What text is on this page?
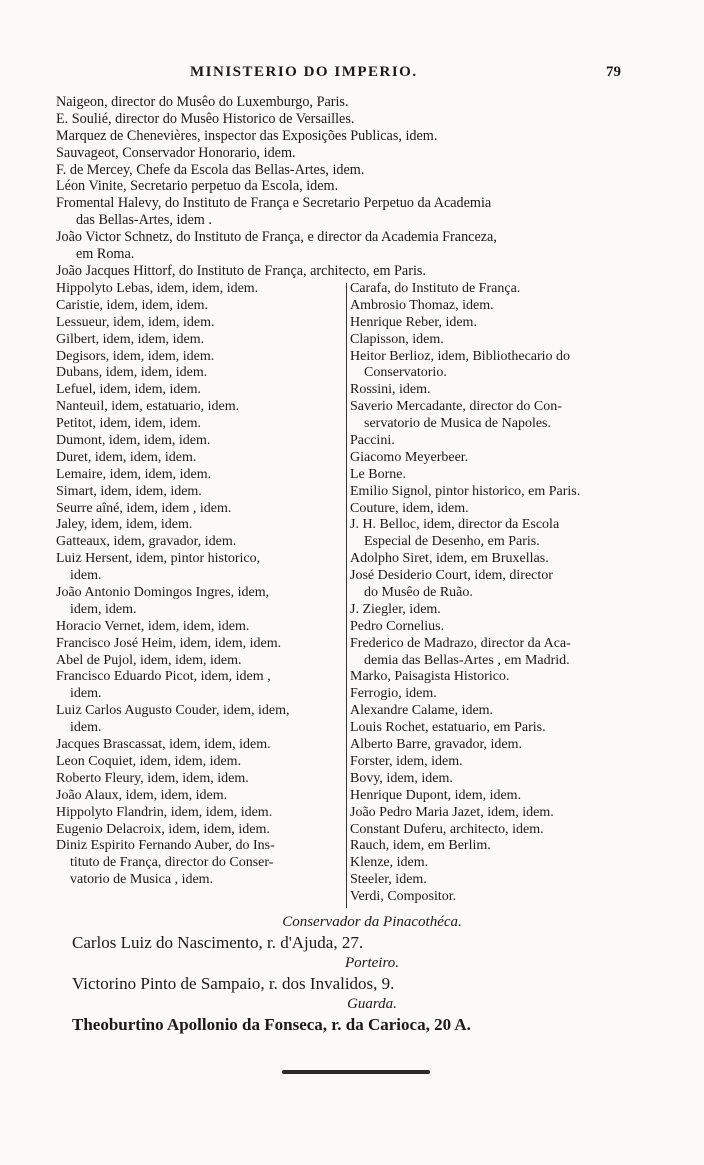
MINISTERIO DO IMPERIO.	79
Naigeon, director do Musêo do Luxemburgo, Paris.
E. Soulié, director do Musêo Historico de Versailles.
Marquez de Chenevières, inspector das Exposições Publicas, idem.
Sauvageot, Conservador Honorario, idem.
F. de Mercey, Chefe da Escola das Bellas-Artes, idem.
Léon Vinite, Secretario perpetuo da Escola, idem.
Fromental Halevy, do Instituto de França e Secretario Perpetuo da Academia
das Bellas-Artes, idem .
João Victor Schnetz, do Instituto de França, e director da Academia Franceza,
em Roma.
João Jacques Hittorf, do Instituto de França, architecto, em Paris.
Hippolyto Lebas, idem, idem, idem.
Caristie, idem, idem, idem.
Lessueur, idem, idem, idem.
Gilbert, idem, idem, idem.
Degisors, idem, idem, idem.
Dubans, idem, idem, idem.
Lefuel, idem, idem, idem.
Nanteuil, idem, estatuario, idem.
Petitot, idem, idem, idem.
Dumont, idem, idem, idem.
Duret, idem, idem, idem.
Lemaire, idem, idem, idem.
Simart, idem, idem, idem.
Seurre aîné, idem, idem , idem.
Jaley, idem, idem, idem.
Gatteaux, idem, gravador, idem.
Luiz Hersent, idem, pintor historico,
idem.
João Antonio Domingos Ingres, idem,
idem, idem.
Horacio Vernet, idem, idem, idem.
Francisco José Heim, idem, idem, idem.
Abel de Pujol, idem, idem, idem.
Francisco Eduardo Picot, idem, idem ,
idem.
Luiz Carlos Augusto Couder, idem, idem,
idem.
Jacques Brascassat, idem, idem, idem.
Leon Coquiet, idem, idem, idem.
Roberto Fleury, idem, idem, idem.
João Alaux, idem, idem, idem.
Hippolyto Flandrin, idem, idem, idem.
Eugenio Delacroix, idem, idem, idem.
Diniz Espirito Fernando Auber, do Ins-
tituto de França, director do Conser-
vatorio de Musica , idem.
Carafa, do Instituto de França.
Ambrosio Thomaz, idem.
Henrique Reber, idem.
Clapisson, idem.
Heitor Berlioz, idem, Bibliothecario do
Conservatorio.
Rossini, idem.
Saverio Mercadante, director do Con-
servatorio de Musica de Napoles.
Paccini.
Giacomo Meyerbeer.
Le Borne.
Emilio Signol, pintor historico, em Paris.
Couture, idem, idem.
J. H. Belloc, idem, director da Escola
Especial de Desenho, em Paris.
Adolpho Siret, idem, em Bruxellas.
José Desiderio Court, idem, director
do Musêo de Ruão.
J. Ziegler, idem.
Pedro Cornelius.
Frederico de Madrazo, director da Aca-
demia das Bellas-Artes , em Madrid.
Marko, Paisagista Historico.
Ferrogio, idem.
Alexandre Calame, idem.
Louis Rochet, estatuario, em Paris.
Alberto Barre, gravador, idem.
Forster, idem, idem.
Bovy, idem, idem.
Henrique Dupont, idem, idem.
João Pedro Maria Jazet, idem, idem.
Constant Duferu, architecto, idem.
Rauch, idem, em Berlim.
Klenze, idem.
Steeler, idem.
Verdi, Compositor.
Conservador da Pinacothéca.
Carlos Luiz do Nascimento, r. d'Ajuda, 27.
Porteiro.
Victorino Pinto de Sampaio, r. dos Invalidos, 9.
Guarda.
Theoburtino Apollonio da Fonseca, r. da Carioca, 20 A.
